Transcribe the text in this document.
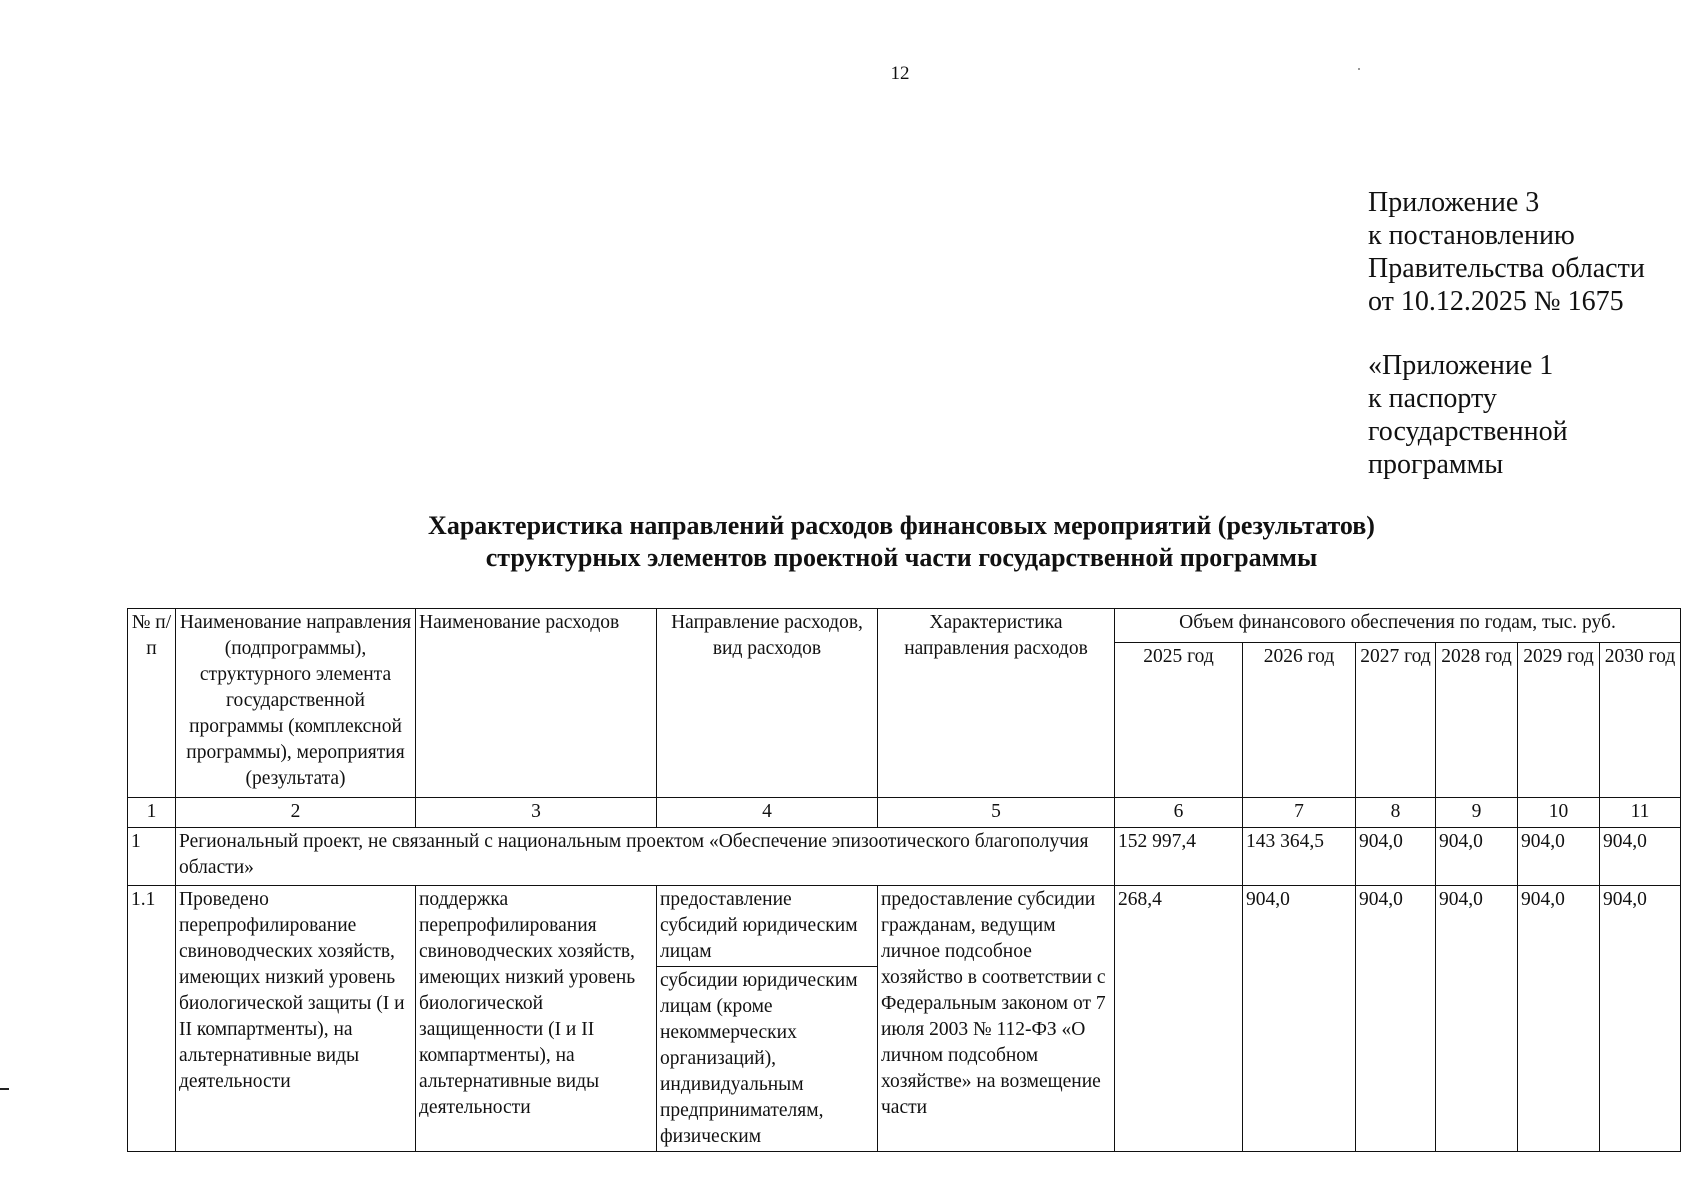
12
Приложение 3
к постановлению
Правительства области
от 10.12.2025 № 1675
«Приложение 1
к паспорту
государственной
программы
Характеристика направлений расходов финансовых мероприятий (результатов)
структурных элементов проектной части государственной программы
№ п/п	Наименование направления (подпрограммы), структурного элемента государственной программы (комплексной программы), мероприятия (результата)	Наименование расходов	Направление расходов, вид расходов	Характеристика направления расходов	Объем финансового обеспечения по годам, тыс. руб.					
					2025 год	2026 год	2027 год	2028 год	2029 год	2030 год
1	2	3	4	5	6	7	8	9	10	11
1	Региональный проект, не связанный с национальным проектом «Обеспечение эпизоотического благополучия области»				152 997,4	143 364,5	904,0	904,0	904,0	904,0
1.1	Проведено перепрофилирование свиноводческих хозяйств, имеющих низкий уровень биологической защиты (I и II компартменты), на альтернативные виды деятельности	поддержка перепрофилирования свиноводческих хозяйств, имеющих низкий уровень биологической защищенности (I и II компартменты), на альтернативные виды деятельности	предоставление субсидий юридическим лицам	предоставление субсидии гражданам, ведущим личное подсобное хозяйство в соответствии с Федеральным законом от 7 июля 2003 № 112-ФЗ «О личном подсобном хозяйстве» на возмещение части	268,4	904,0	904,0	904,0	904,0	904,0
			субсидии юридическим лицам (кроме некоммерческих организаций), индивидуальным предпринимателям, физическим							
